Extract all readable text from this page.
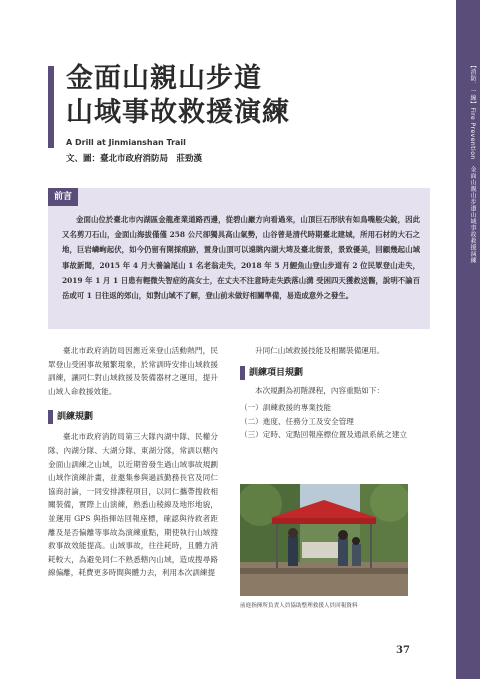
【消防．一線】Fire Prevention　金面山親山步道山域事故救援演練
金面山親山步道
山域事故救援演練
A Drill at Jinmianshan Trail
文、圖：臺北市政府消防局　莊勁漢
前言
金面山位於臺北市內湖區金龍產業道路西邊，從碧山巖方向看過來，山頂巨石形狀有如鳥嘴般尖銳，因此又名剪刀石山，金面山海拔僅僅 258 公尺卻獨具高山氣勢，山谷曾是清代時期臺北建城，所用石材的大石之地，巨岩嶙峋起伏，如今仍留有開採痕跡，置身山頂可以遠眺內湖大埤及臺北街景，景致優美，回顧幾起山域事故新聞，2015 年 4 月大養論尾山 1 名老翁走失，2018 年 5 月鯉魚山登山步道有 2 位民眾登山走失，2019 年 1 月 1 日患有輕微失智症的高女士，在丈夫不注意時走失跌落山溝 受困四天獲救送醫，說明不論百岳或可 1 日往返的郊山，如對山域不了解，登山前未做好相關準備，易造成意外之發生。

臺北市政府消防局因應近來登山活動熱門，民眾登山受困事故頻繁現象，於常訓時安排山域救援訓練，讓同仁對山域救援及裝備器材之運用，提升山域人命救援效能。

訓練規劃

臺北市政府消防局第三大隊內湖中隊、民權分隊、內湖分隊、大湖分隊、東湖分隊，常訓以轄內金面山訓練之山域，以近期曾發生過山域事故規劃山域作演練計畫，並邀集參與過該勤務長官及同仁協商討論，一同安排課程項目，以同仁攜帶搜救相關裝備，實際上山演練，熟悉山稜線及地形地貌，並運用 GPS 與指揮站回報座標，確認與待救者距離及是否偏離等事故為演練重點，期使執行山域搜救事故效能提高。山域事故，往往耗時，且體力消耗較大，為避免同仁不熟悉轄內山域，造成搜尋路線偏離，耗費更多時間與體力去，利用本次訓練提

升同仁山域救援技能及相關裝備運用。

訓練項目規劃

本次規劃為初階課程，內容重點如下：

（一）訓練救援的專業技能
（二）進度、任務分工及安全管理
（三）定時、定點回報座標位置及通訊系統之建立
前進指揮所負責人員協助整理救援人員回報資料
37
